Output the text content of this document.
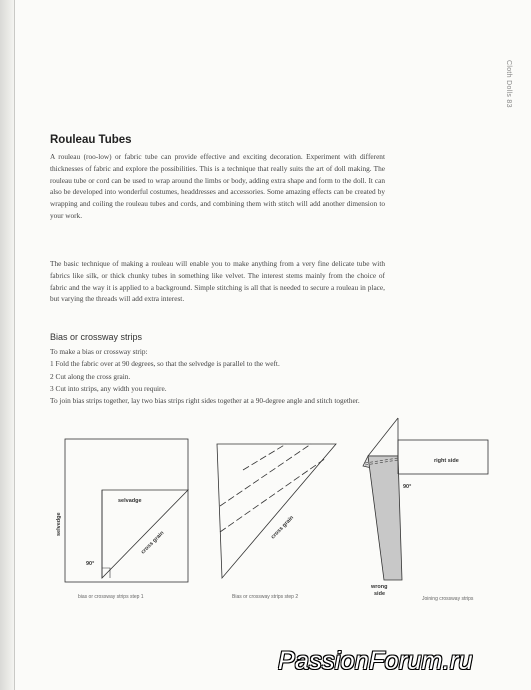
Cloth Dolls 83
Rouleau Tubes

A rouleau (roo-low) or fabric tube can provide effective and exciting decoration. Experiment with different thicknesses of fabric and explore the possibilities. This is a technique that really suits the art of doll making. The rouleau tube or cord can be used to wrap around the limbs or body, adding extra shape and form to the doll. It can also be developed into wonderful costumes, headdresses and accessories. Some amazing effects can be created by wrapping and coiling the rouleau tubes and cords, and combining them with stitch will add another dimension to your work.

The basic technique of making a rouleau will enable you to make anything from a very fine delicate tube with fabrics like silk, or thick chunky tubes in something like velvet. The interest stems mainly from the choice of fabric and the way it is applied to a background. Simple stitching is all that is needed to secure a rouleau in place, but varying the threads will add extra interest.

Bias or crossway strips
To make a bias or crossway strip:
1 Fold the fabric over at 90 degrees, so that the selvedge is parallel to the weft.
2 Cut along the cross grain.
3 Cut into strips, any width you require.
To join bias strips together, lay two bias strips right sides together at a 90-degree angle and stitch together.
selvedge
selvadge
cross grain
90°
bias or crossway strips step 1
cross grain
Bias or crossway strips step 2
right side
90°
wrong
side
Joining crossway strips
PassionForum.ru
